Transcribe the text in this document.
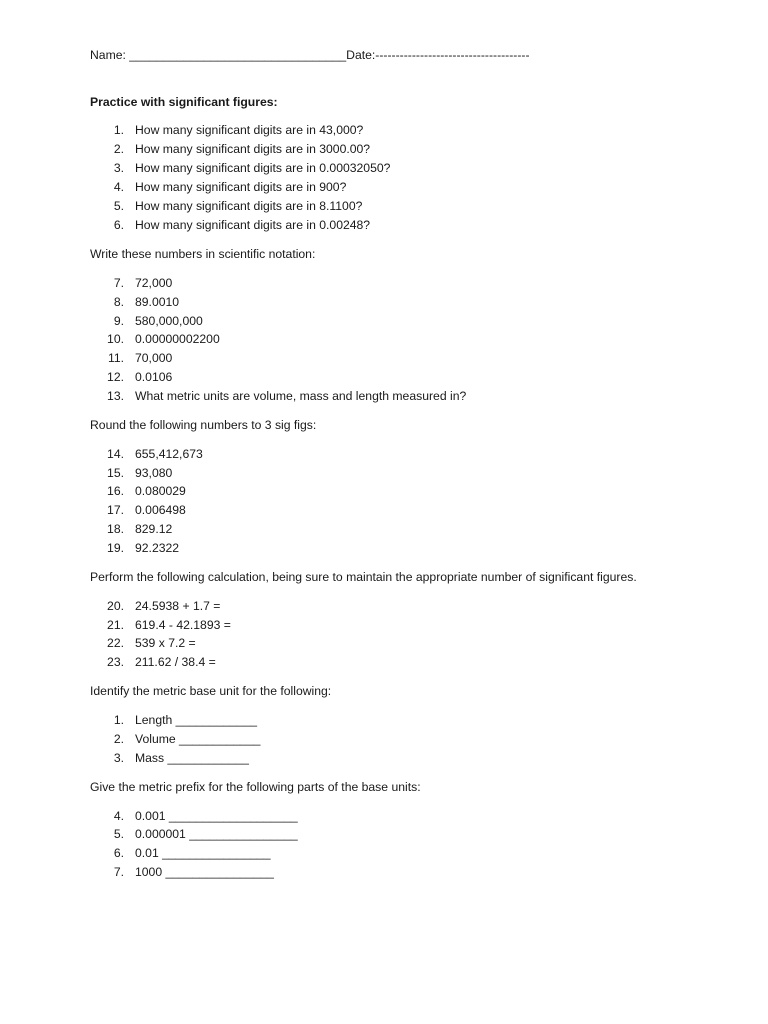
Name: ________________________________Date:--------------------------------------
Practice with significant figures:
1. How many significant digits are in 43,000?
2. How many significant digits are in 3000.00?
3. How many significant digits are in 0.00032050?
4. How many significant digits are in 900?
5. How many significant digits are in 8.1100?
6. How many significant digits are in 0.00248?
Write these numbers in scientific notation:
7. 72,000
8. 89.0010
9. 580,000,000
10. 0.00000002200
11. 70,000
12. 0.0106
13. What metric units are volume, mass and length measured in?
Round the following numbers to 3 sig figs:
14. 655,412,673
15. 93,080
16. 0.080029
17. 0.006498
18. 829.12
19. 92.2322
Perform the following calculation, being sure to maintain the appropriate number of significant figures.
20. 24.5938 + 1.7 =
21. 619.4 - 42.1893 =
22. 539 x 7.2 =
23. 211.62 / 38.4 =
Identify the metric base unit for the following:
1. Length ____________
2. Volume ____________
3. Mass ____________
Give the metric prefix for the following parts of the base units:
4. 0.001 ___________________
5. 0.000001 ________________
6. 0.01 ________________
7. 1000 ________________
